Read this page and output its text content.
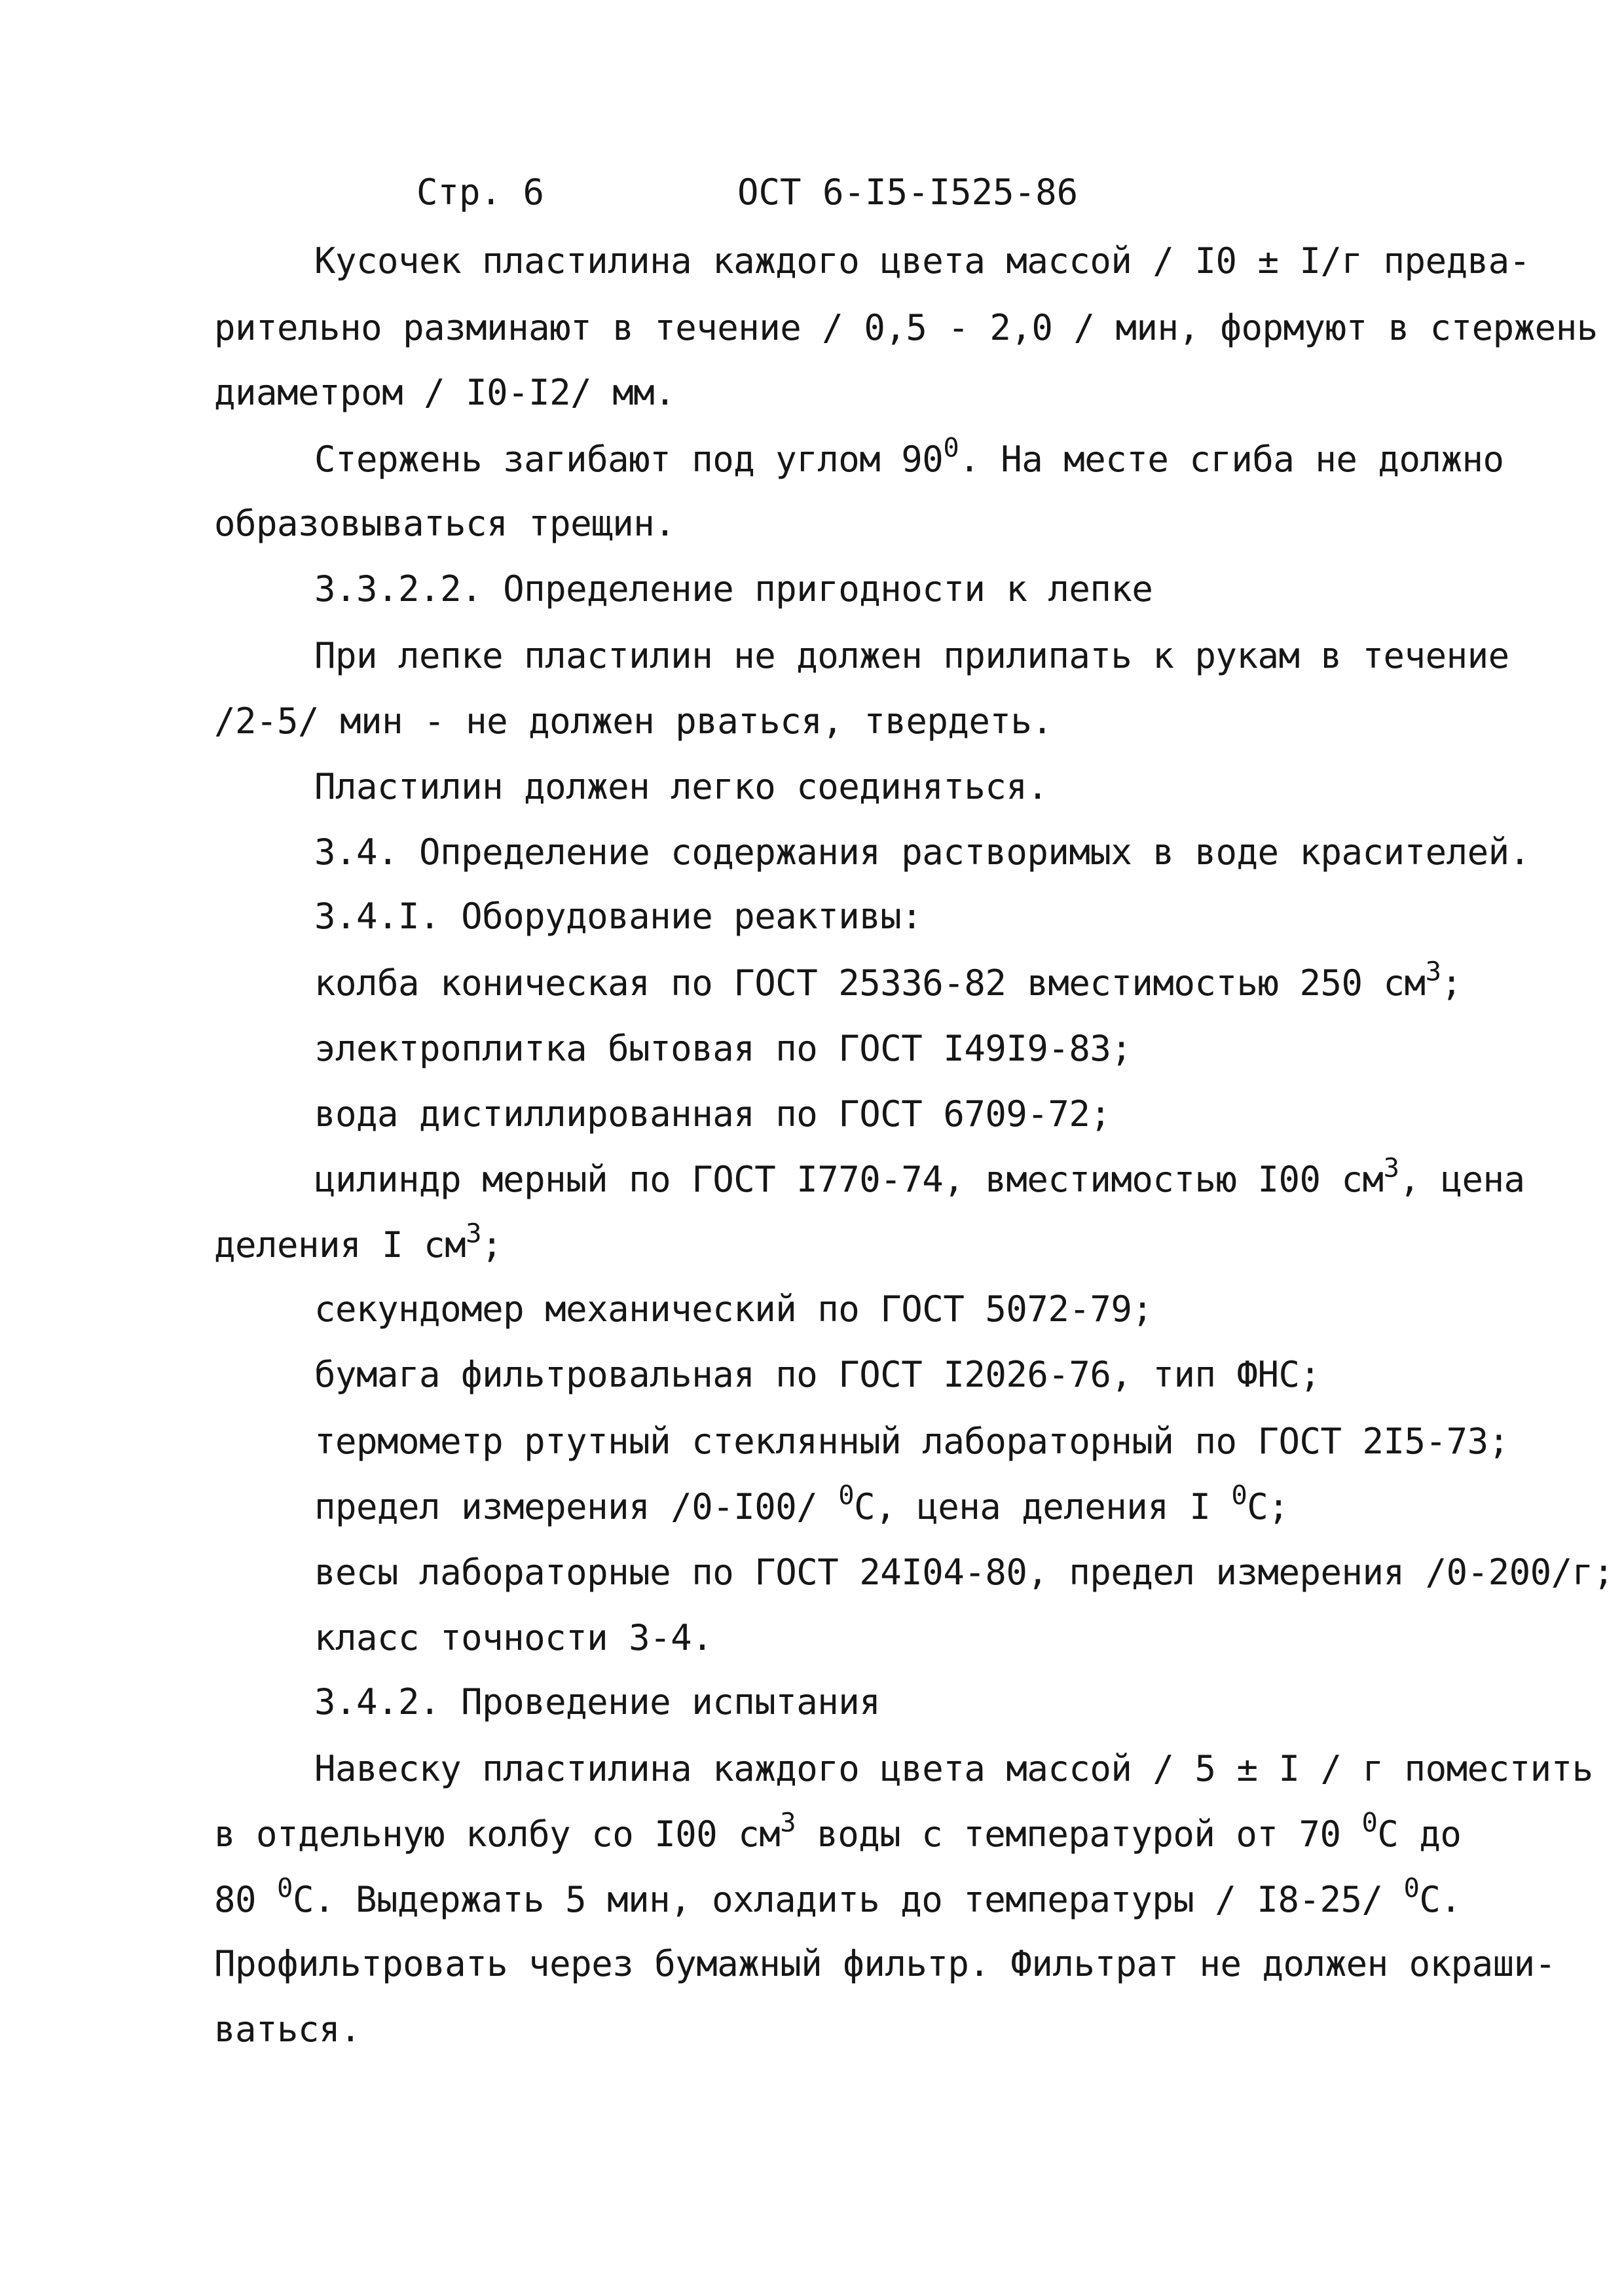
Стр. 6	ОСТ 6-I5-I525-86
Кусочек пластилина каждого цвета массой / I0 ± I/г предва-
рительно разминают в течение / 0,5 - 2,0 / мин, формуют в стержень
диаметром / I0-I2/ мм.
Стержень загибают под углом $90^0$. На месте сгиба не должно
образовываться трещин.
3.3.2.2. Определение пригодности к лепке
При лепке пластилин не должен прилипать к рукам в течение
/2-5/ мин - не должен рваться, твердеть.
Пластилин должен легко соединяться.
3.4. Определение содержания растворимых в воде красителей.
3.4.I. Оборудование реактивы:
колба коническая по ГОСТ 25336-82 вместимостью 250 $см^3$;
электроплитка бытовая по ГОСТ I49I9-83;
вода дистиллированная по ГОСТ 6709-72;
цилиндр мерный по ГОСТ I770-74, вместимостью I00 $см^3$, цена
деления I $см^3$;
секундомер механический по ГОСТ 5072-79;
бумага фильтровальная по ГОСТ I2026-76, тип ФНС;
термометр ртутный стеклянный лабораторный по ГОСТ 2I5-73;
предел измерения /0-I00/ $^0$С, цена деления I $^0$С;
весы лабораторные по ГОСТ 24I04-80, предел измерения /0-200/г;
класс точности 3-4.
3.4.2. Проведение испытания
Навеску пластилина каждого цвета массой / 5 ± I / г поместить
в отдельную колбу со I00 $см^3$ воды с температурой от 70 $^0$С до
80 $^0$С. Выдержать 5 мин, охладить до температуры / I8-25/ $^0$С.
Профильтровать через бумажный фильтр. Фильтрат не должен окраши-
ваться.
